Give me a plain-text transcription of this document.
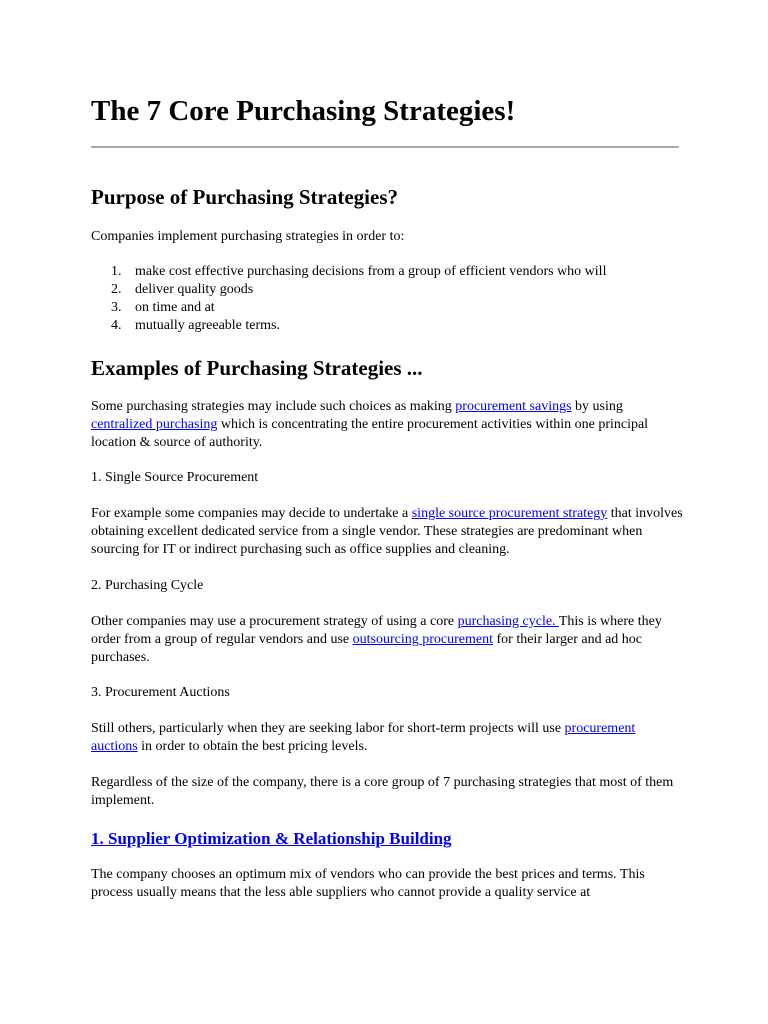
The 7 Core Purchasing Strategies!
Purpose of Purchasing Strategies?

Companies implement purchasing strategies in order to:

1. make cost effective purchasing decisions from a group of efficient vendors who will
2. deliver quality goods
3. on time and at
4. mutually agreeable terms.
Examples of Purchasing Strategies ...

Some purchasing strategies may include such choices as making procurement savings by using centralized purchasing which is concentrating the entire procurement activities within one principal location & source of authority.

1. Single Source Procurement

For example some companies may decide to undertake a single source procurement strategy that involves obtaining excellent dedicated service from a single vendor. These strategies are predominant when sourcing for IT or indirect purchasing such as office supplies and cleaning.

2. Purchasing Cycle

Other companies may use a procurement strategy of using a core purchasing cycle. This is where they order from a group of regular vendors and use outsourcing procurement for their larger and ad hoc purchases.

3. Procurement Auctions

Still others, particularly when they are seeking labor for short-term projects will use procurement auctions in order to obtain the best pricing levels.

Regardless of the size of the company, there is a core group of 7 purchasing strategies that most of them implement.

1. Supplier Optimization & Relationship Building

The company chooses an optimum mix of vendors who can provide the best prices and terms. This process usually means that the less able suppliers who cannot provide a quality service at
